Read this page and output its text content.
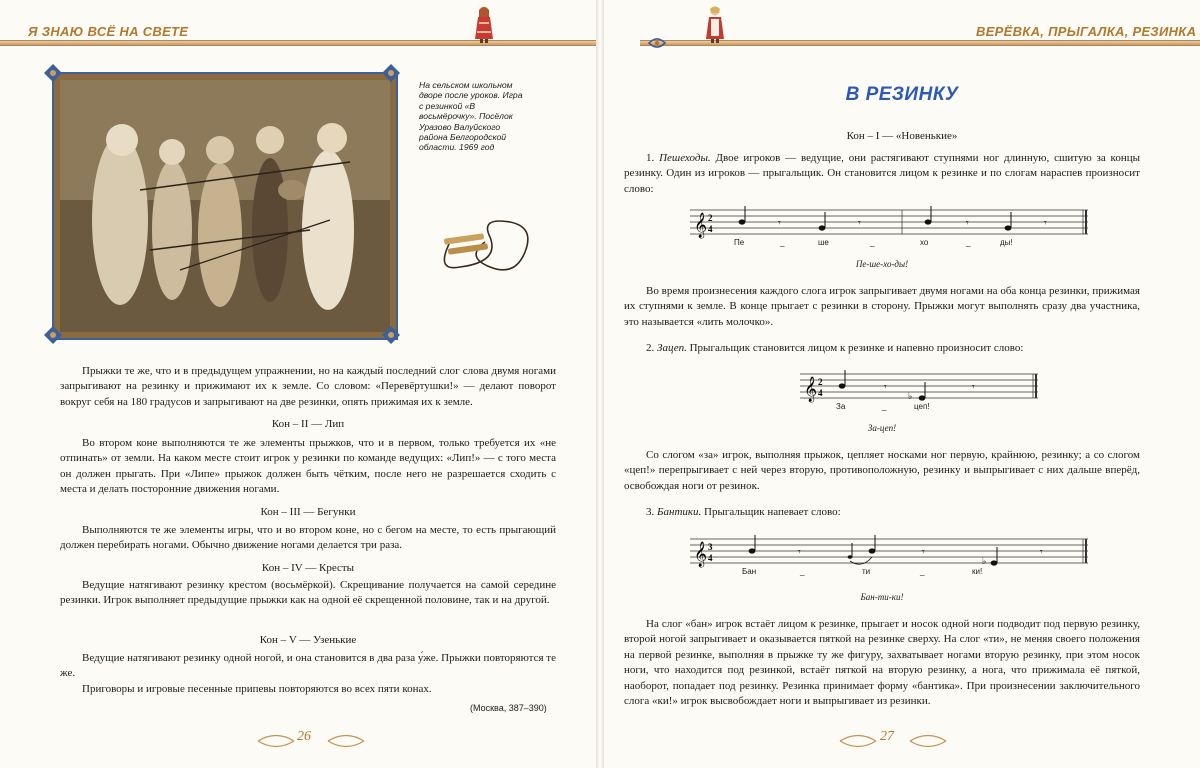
Я ЗНАЮ ВСЁ НА СВЕТЕ	ВЕРЁВКА, ПРЫГАЛКА, РЕЗИНКА
На сельском школьном дворе после уроков. Игра с резинкой «В восьмёрочку». Посёлок Уразово Валуйского района Белгородской области. 1969 год

Прыжки те же, что и в предыдущем упражнении, но на каждый последний слог слова двумя ногами запрыгивают на резинку и прижимают их к земле. Со словом: «Перевёртушки!» — делают поворот вокруг себя на 180 градусов и запрыгивают на две резинки, опять прижимая их к земле.

Кон – II — Лип

Во втором коне выполняются те же элементы прыжков, что и в первом, только требуется их «не отпинать» от земли. На каком месте стоит игрок у резинки по команде ведущих: «Лип!» — с того места он должен прыгать. При «Липе» прыжок должен быть чётким, после него не разрешается сходить с места и делать посторонние движения ногами.

Кон – III — Бегунки

Выполняются те же элементы игры, что и во втором коне, но с бегом на месте, то есть прыгающий должен перебирать ногами. Обычно движение ногами делается три раза.

Кон – IV — Кресты

Ведущие натягивают резинку крестом (восьмёркой). Скрещивание получается на самой середине резинки. Игрок выполняет предыдущие прыжки как на одной её скрещенной половине, так и на другой.

Кон – V — Узенькие

Ведущие натягивают резинку одной ногой, и она становится в два раза у́же. Прыжки повторяются те же.

Приговоры и игровые песенные припевы повторяются во всех пяти конах.

(Москва, 387–390)
26
В РЕЗИНКУ
Кон – I — «Новенькие»

1. Пешеходы. Двое игроков — ведущие, они растягивают ступнями ног длинную, сшитую за концы резинку. Один из игроков — прыгальщик. Он становится лицом к резинке и по слогам нараспев произносит слово:

𝄞 2
4	𝄾	𝄾	𝄾	𝄾
Пе	_	ше	_	хо	_	ды!
Пе-ше-хо-ды!

Во время произнесения каждого слога игрок запрыгивает двумя ногами на оба конца резинки, прижимая их ступнями к земле. В конце прыгает с резинки в сторону. Прыжки могут выполнять сразу два участника, это называется «лить молочко».

2. Зацеп. Прыгальщик становится лицом к резинке и напевно произносит слово:

𝄞 2
4	𝄾
♭
𝄾
За	_	цеп!
За-цеп!

Со слогом «за» игрок, выполняя прыжок, цепляет носками ног первую, крайнюю, резинку; а со слогом «цеп!» перепрыгивает с ней через вторую, противоположную, резинку и выпрыгивает с них дальше вперёд, освобождая ноги от резинок.

3. Бантики. Прыгальщик напевает слово:

𝄞 3
4	𝄾	𝄾
♭
𝄾
Бан	_	ти	_	ки!
Бан-ти-ки!

На слог «бан» игрок встаёт лицом к резинке, прыгает и носок одной ноги подводит под первую резинку, второй ногой запрыгивает и оказывается пяткой на резинке сверху. На слог «ти», не меняя своего положения на первой резинке, выполняя в прыжке ту же фигуру, захватывает ногами вторую резинку, при этом носок ноги, что находится под резинкой, встаёт пяткой на вторую резинку, а нога, что прижимала её пяткой, наоборот, попадает под резинку. Резинка принимает форму «бантика». При произнесении заключительного слога «ки!» игрок высвобождает ноги и выпрыгивает из резинки.

27
